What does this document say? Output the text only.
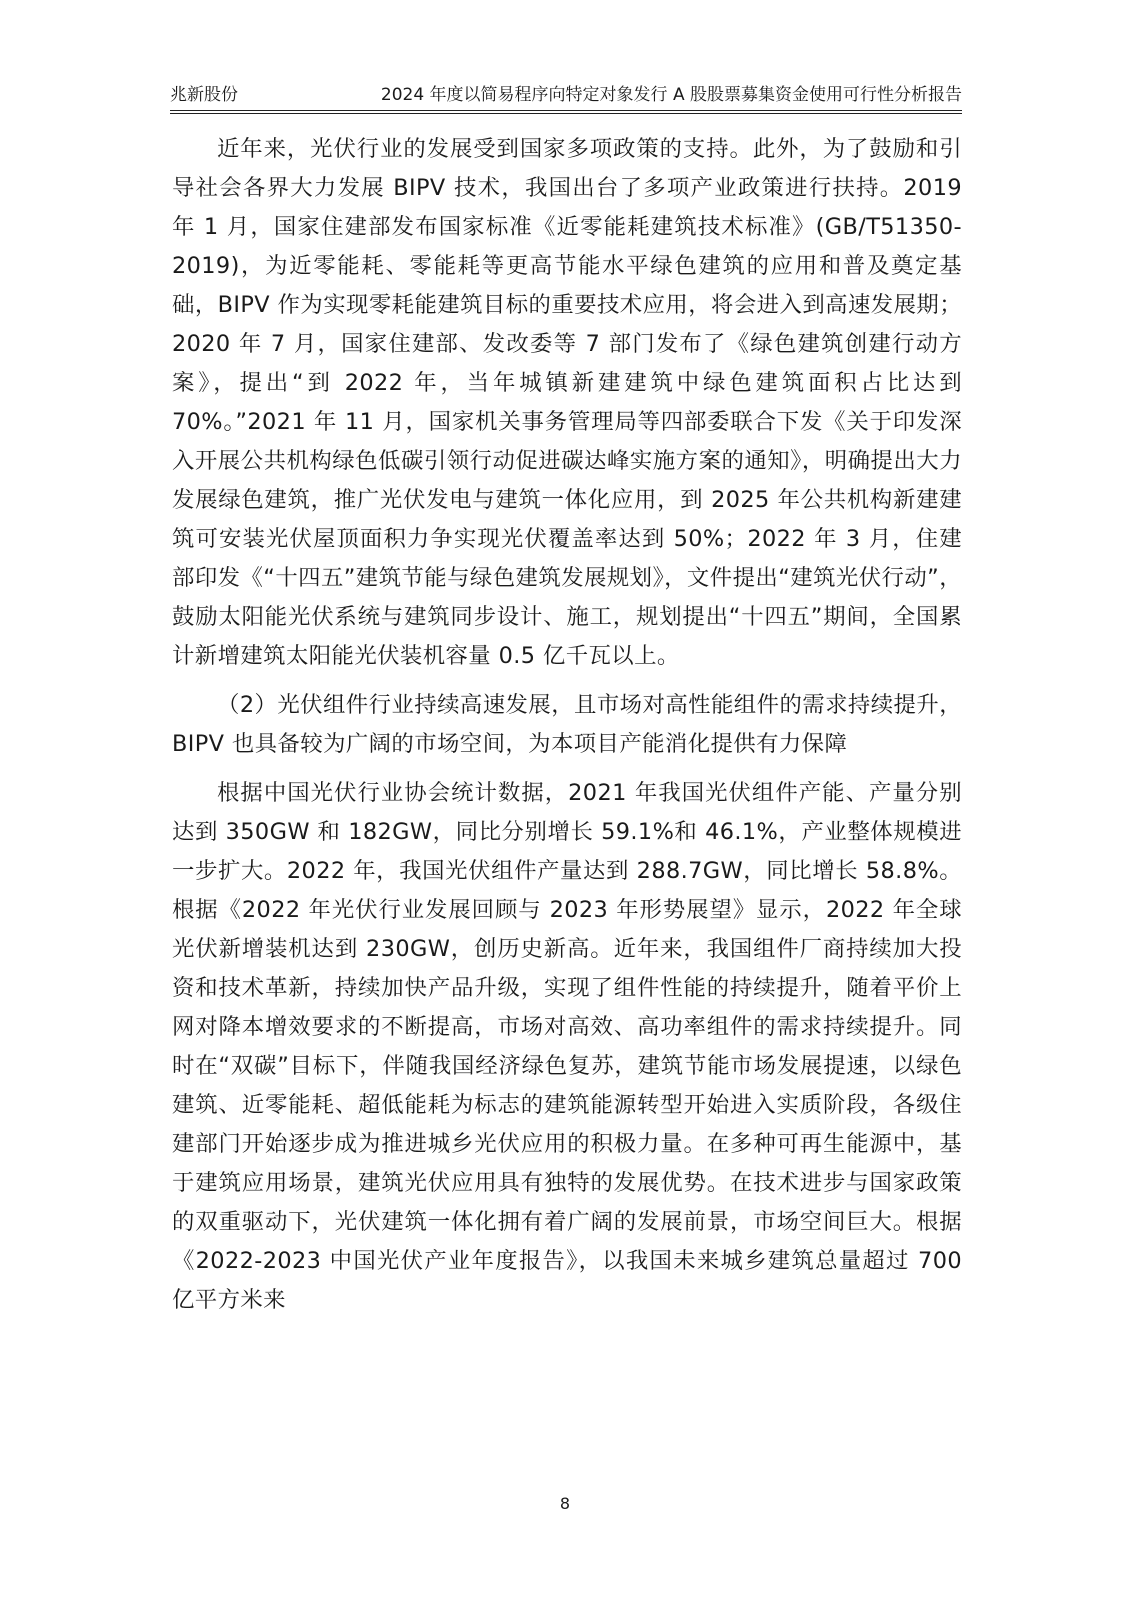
兆新股份	2024 年度以简易程序向特定对象发行 A 股股票募集资金使用可行性分析报告

近年来，光伏行业的发展受到国家多项政策的支持。此外，为了鼓励和引导社会各界大力发展 BIPV 技术，我国出台了多项产业政策进行扶持。2019 年 1 月，国家住建部发布国家标准《近零能耗建筑技术标准》(GB/T51350-2019)，为近零能耗、零能耗等更高节能水平绿色建筑的应用和普及奠定基础，BIPV 作为实现零耗能建筑目标的重要技术应用，将会进入到高速发展期；2020 年 7 月，国家住建部、发改委等 7 部门发布了《绿色建筑创建行动方案》，提出“到 2022 年，当年城镇新建建筑中绿色建筑面积占比达到 70%。”2021 年 11 月，国家机关事务管理局等四部委联合下发《关于印发深入开展公共机构绿色低碳引领行动促进碳达峰实施方案的通知》，明确提出大力发展绿色建筑，推广光伏发电与建筑一体化应用，到 2025 年公共机构新建建筑可安装光伏屋顶面积力争实现光伏覆盖率达到 50%；2022 年 3 月，住建部印发《“十四五”建筑节能与绿色建筑发展规划》，文件提出“建筑光伏行动”，鼓励太阳能光伏系统与建筑同步设计、施工，规划提出“十四五”期间，全国累计新增建筑太阳能光伏装机容量 0.5 亿千瓦以上。

（2）光伏组件行业持续高速发展，且市场对高性能组件的需求持续提升，BIPV 也具备较为广阔的市场空间，为本项目产能消化提供有力保障

根据中国光伏行业协会统计数据，2021 年我国光伏组件产能、产量分别达到 350GW 和 182GW，同比分别增长 59.1%和 46.1%，产业整体规模进一步扩大。2022 年，我国光伏组件产量达到 288.7GW，同比增长 58.8%。根据《2022 年光伏行业发展回顾与 2023 年形势展望》显示，2022 年全球光伏新增装机达到 230GW，创历史新高。近年来，我国组件厂商持续加大投资和技术革新，持续加快产品升级，实现了组件性能的持续提升，随着平价上网对降本增效要求的不断提高，市场对高效、高功率组件的需求持续提升。同时在“双碳”目标下，伴随我国经济绿色复苏，建筑节能市场发展提速，以绿色建筑、近零能耗、超低能耗为标志的建筑能源转型开始进入实质阶段，各级住建部门开始逐步成为推进城乡光伏应用的积极力量。在多种可再生能源中，基于建筑应用场景，建筑光伏应用具有独特的发展优势。在技术进步与国家政策的双重驱动下，光伏建筑一体化拥有着广阔的发展前景，市场空间巨大。根据《2022-2023 中国光伏产业年度报告》，以我国未来城乡建筑总量超过 700 亿平方米来

8
